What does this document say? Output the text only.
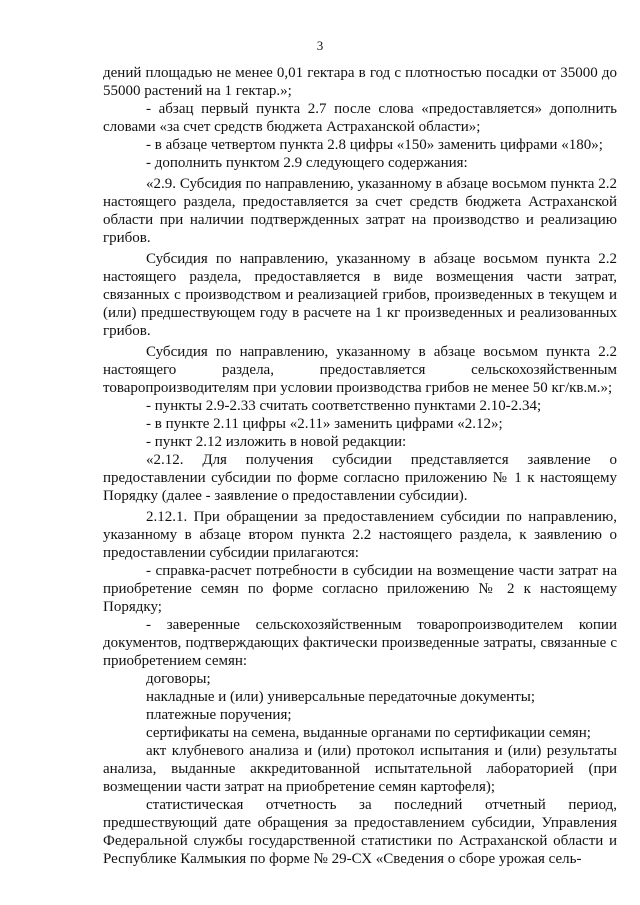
3

дений площадью не менее 0,01 гектара в год с плотностью посадки от 35000 до 55000 растений на 1 гектар.»;

- абзац первый пункта 2.7 после слова «предоставляется» дополнить словами «за счет средств бюджета Астраханской области»;

- в абзаце четвертом пункта 2.8 цифры «150» заменить цифрами «180»;

- дополнить пунктом 2.9 следующего содержания:

«2.9. Субсидия по направлению, указанному в абзаце восьмом пункта 2.2 настоящего раздела, предоставляется за счет средств бюджета Астраханской области при наличии подтвержденных затрат на производство и реализацию грибов.

Субсидия по направлению, указанному в абзаце восьмом пункта 2.2 настоящего раздела, предоставляется в виде возмещения части затрат, связанных с производством и реализацией грибов, произведенных в текущем и (или) предшествующем году в расчете на 1 кг произведенных и реализованных грибов.

Субсидия по направлению, указанному в абзаце восьмом пункта 2.2 настоящего раздела, предоставляется сельскохозяйственным товаропроизводителям при условии производства грибов не менее 50 кг/кв.м.»;

- пункты 2.9-2.33 считать соответственно пунктами 2.10-2.34;

- в пункте 2.11 цифры «2.11» заменить цифрами «2.12»;

- пункт 2.12 изложить в новой редакции:

«2.12. Для получения субсидии представляется заявление о предоставлении субсидии по форме согласно приложению № 1 к настоящему Порядку (далее - заявление о предоставлении субсидии).

2.12.1. При обращении за предоставлением субсидии по направлению, указанному в абзаце втором пункта 2.2 настоящего раздела, к заявлению о предоставлении субсидии прилагаются:

- справка-расчет потребности в субсидии на возмещение части затрат на приобретение семян по форме согласно приложению № 2 к настоящему Порядку;

- заверенные сельскохозяйственным товаропроизводителем копии документов, подтверждающих фактически произведенные затраты, связанные с приобретением семян:

договоры;

накладные и (или) универсальные передаточные документы;

платежные поручения;

сертификаты на семена, выданные органами по сертификации семян;

акт клубневого анализа и (или) протокол испытания и (или) результаты анализа, выданные аккредитованной испытательной лабораторией (при возмещении части затрат на приобретение семян картофеля);

статистическая отчетность за последний отчетный период, предшествующий дате обращения за предоставлением субсидии, Управления Федеральной службы государственной статистики по Астраханской области и Республике Калмыкия по форме № 29-СХ «Сведения о сборе урожая сель-
